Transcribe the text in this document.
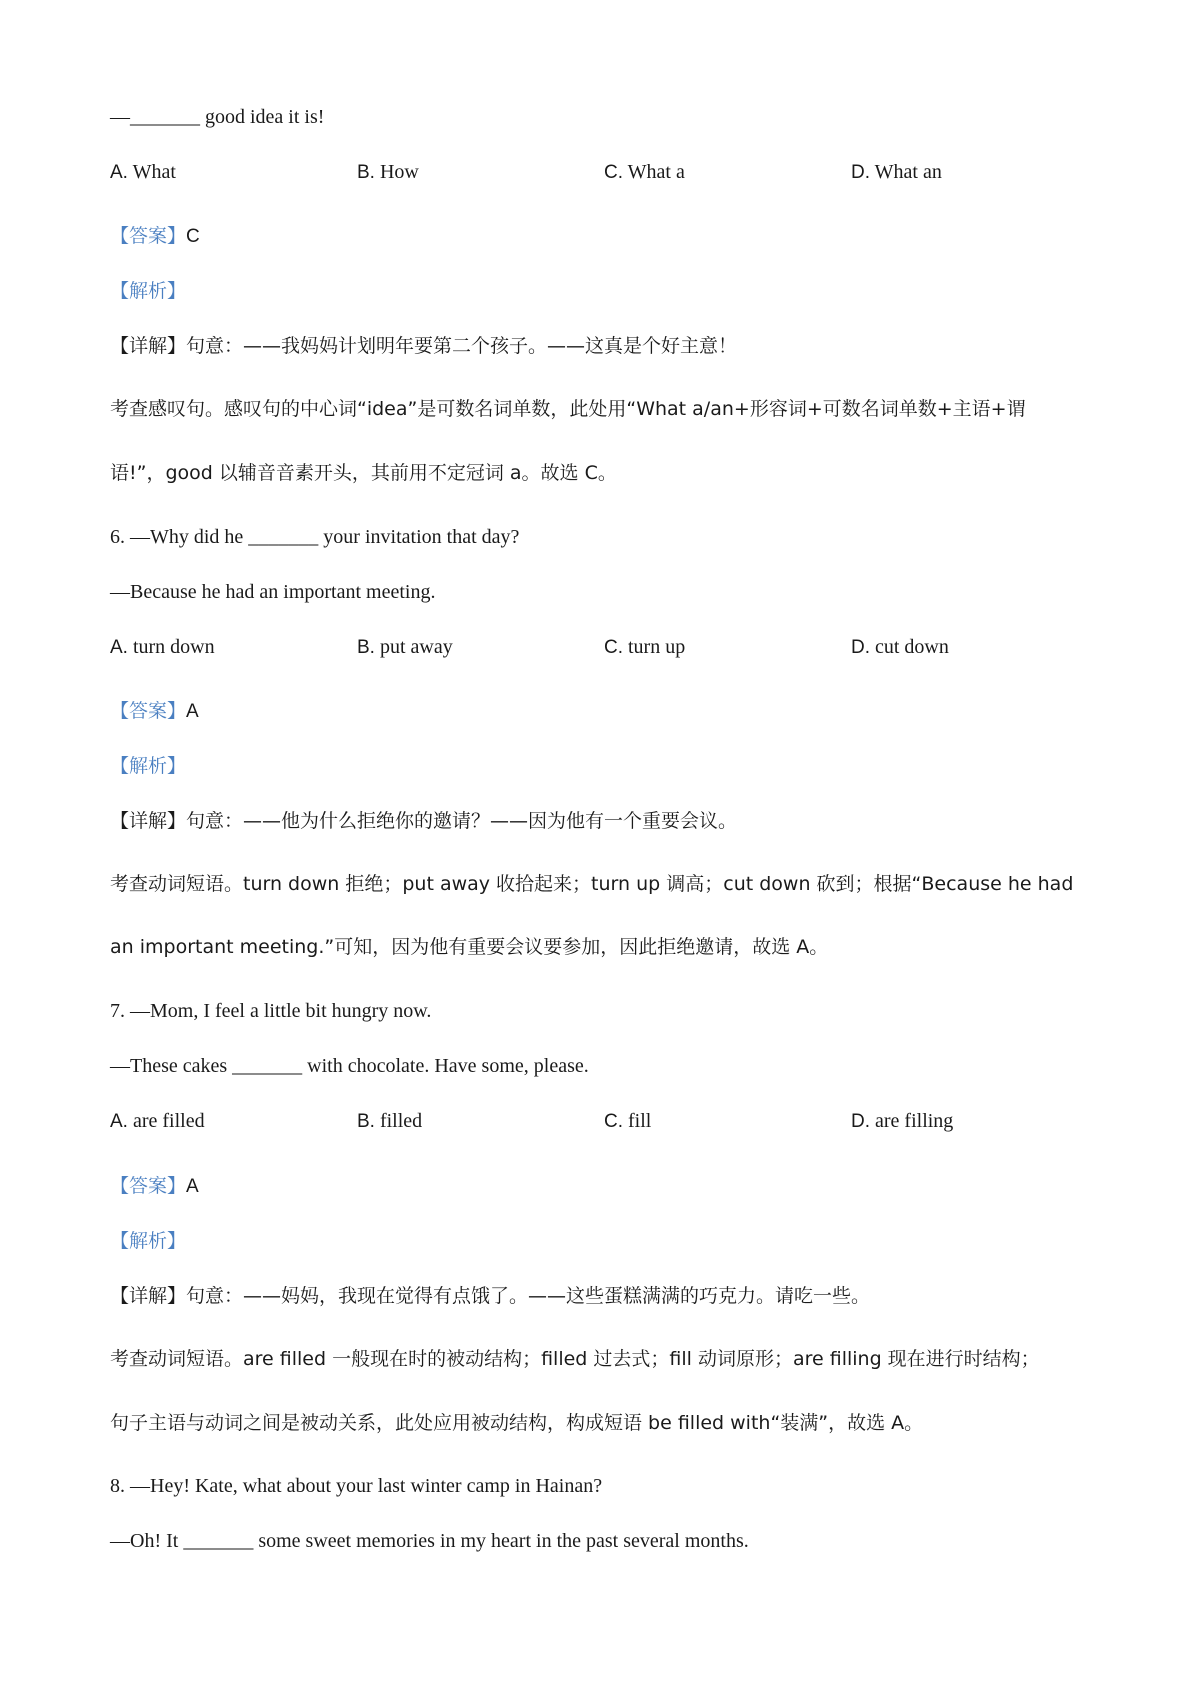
—_______ good idea it is!
A. What	B. How	C. What a	D. What an
【答案】C
【解析】
【详解】句意：——我妈妈计划明年要第二个孩子。——这真是个好主意！
考查感叹句。感叹句的中心词“idea”是可数名词单数，此处用“What a/an+形容词+可数名词单数+主语+谓
语!”，good 以辅音音素开头，其前用不定冠词 a。故选 C。
6. —Why did he _______ your invitation that day?
—Because he had an important meeting.
A. turn down	B. put away	C. turn up	D. cut down
【答案】A
【解析】
【详解】句意：——他为什么拒绝你的邀请？——因为他有一个重要会议。
考查动词短语。turn down 拒绝；put away 收拾起来；turn up 调高；cut down 砍到；根据“Because he had
an important meeting.”可知，因为他有重要会议要参加，因此拒绝邀请，故选 A。
7. —Mom, I feel a little bit hungry now.
—These cakes _______ with chocolate. Have some, please.
A. are filled	B. filled	C. fill	D. are filling
【答案】A
【解析】
【详解】句意：——妈妈，我现在觉得有点饿了。——这些蛋糕满满的巧克力。请吃一些。
考查动词短语。are filled 一般现在时的被动结构；filled 过去式；fill 动词原形；are filling 现在进行时结构；
句子主语与动词之间是被动关系，此处应用被动结构，构成短语 be filled with“装满”，故选 A。
8. —Hey! Kate, what about your last winter camp in Hainan?
—Oh! It _______ some sweet memories in my heart in the past several months.
